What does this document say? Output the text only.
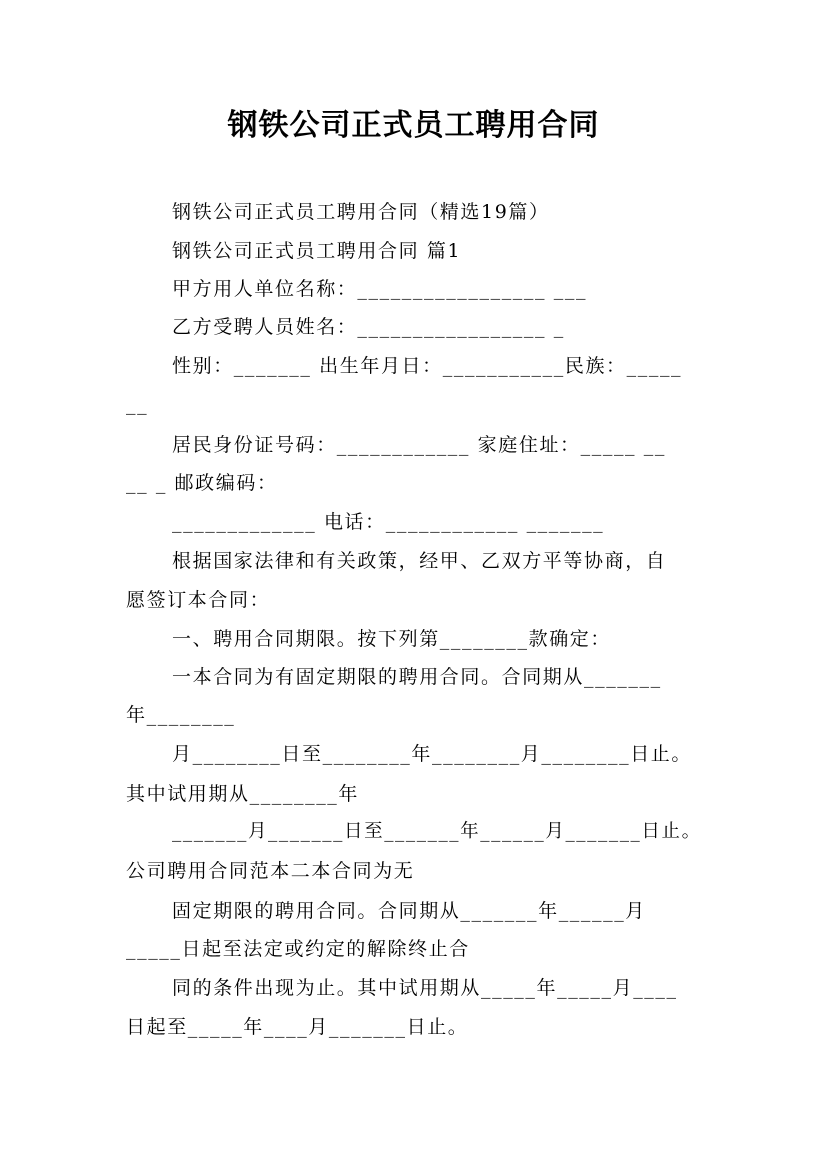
钢铁公司正式员工聘用合同
钢铁公司正式员工聘用合同（精选19篇）
钢铁公司正式员工聘用合同 篇1
甲方用人单位名称：_________________ ___
乙方受聘人员姓名：_________________ _
性别：_______ 出生年月日：___________民族：_____
__
居民身份证号码：____________ 家庭住址：_____ __
__ _ 邮政编码：
_____________ 电话：____________ _______
根据国家法律和有关政策，经甲、乙双方平等协商，自
愿签订本合同：
一、聘用合同期限。按下列第________款确定：
一本合同为有固定期限的聘用合同。合同期从_______
年________
月________日至________年________月________日止。
其中试用期从________年
_______月_______日至_______年______月_______日止。
公司聘用合同范本二本合同为无
固定期限的聘用合同。合同期从_______年______月
_____日起至法定或约定的解除终止合
同的条件出现为止。其中试用期从_____年_____月____
日起至_____年____月_______日止。
